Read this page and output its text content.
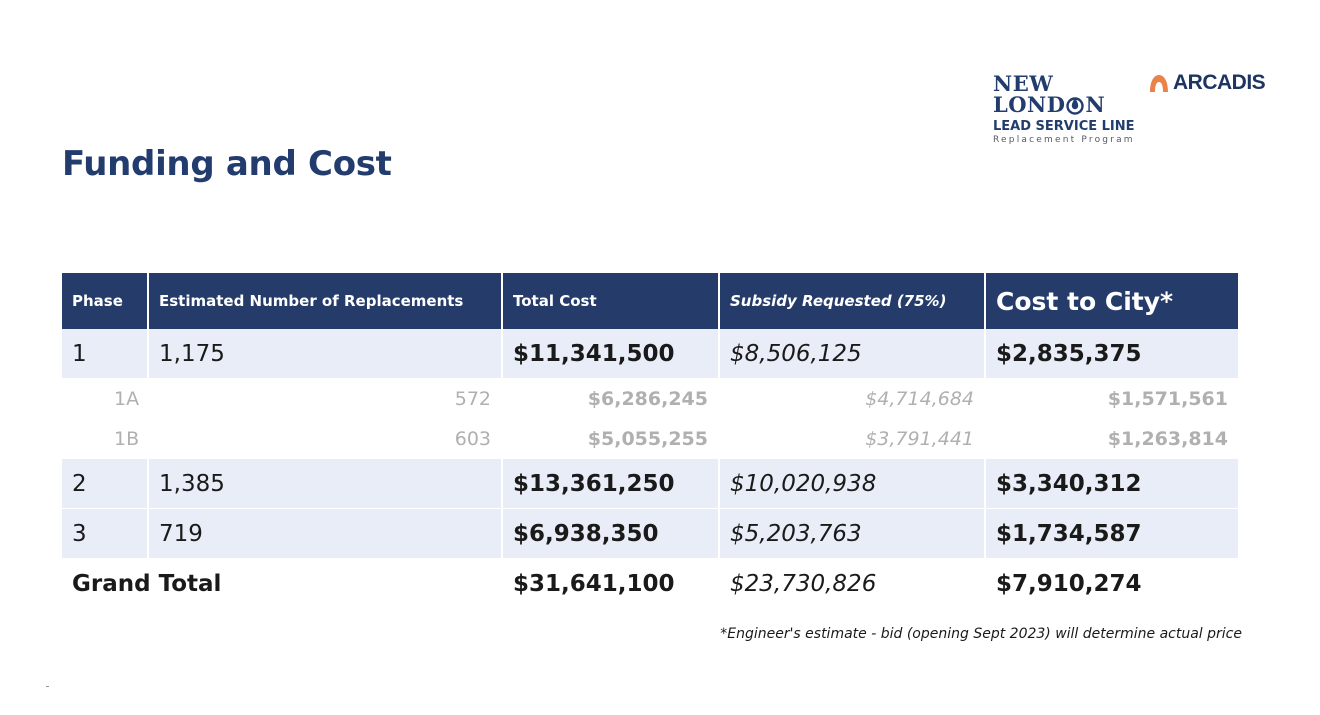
Funding and Cost
NEW
LOND N
LEAD SERVICE LINE
Replacement Program
ARCADIS
Phase	Estimated Number of Replacements	Total Cost	Subsidy Requested (75%)	Cost to City*
1	1,175	$11,341,500	$8,506,125	$2,835,375
1A	572	$6,286,245	$4,714,684	$1,571,561
1B	603	$5,055,255	$3,791,441	$1,263,814
2	1,385	$13,361,250	$10,020,938	$3,340,312
3	719	$6,938,350	$5,203,763	$1,734,587
Grand Total		$31,641,100	$23,730,826	$7,910,274
*Engineer's estimate - bid (opening Sept 2023) will determine actual price
